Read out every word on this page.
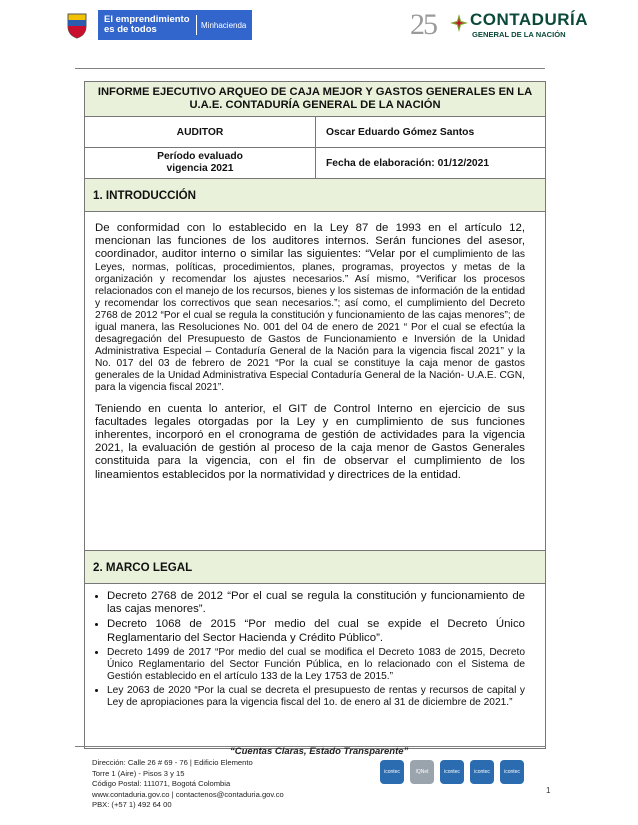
El emprendimiento
es de todos	Minhacienda	25 CONTADURÍA
GENERAL DE LA NACIÓN
INFORME EJECUTIVO ARQUEO DE CAJA MEJOR Y GASTOS GENERALES EN LA U.A.E. CONTADURÍA GENERAL DE LA NACIÓN
AUDITOR	Oscar Eduardo Gómez Santos
Período evaluado
vigencia 2021	Fecha de elaboración: 01/12/2021
1. INTRODUCCIÓN

De conformidad con lo establecido en la Ley 87 de 1993 en el artículo 12, mencionan las funciones de los auditores internos. Serán funciones del asesor, coordinador, auditor interno o similar las siguientes: “Velar por el cumplimiento de las Leyes, normas, políticas, procedimientos, planes, programas, proyectos y metas de la organización y recomendar los ajustes necesarios.” Así mismo, “Verificar los procesos relacionados con el manejo de los recursos, bienes y los sistemas de información de la entidad y recomendar los correctivos que sean necesarios.”; así como, el cumplimiento del Decreto 2768 de 2012 “Por el cual se regula la constitución y funcionamiento de las cajas menores”; de igual manera, las Resoluciones No. 001 del 04 de enero de 2021 “ Por el cual se efectúa la desagregación del Presupuesto de Gastos de Funcionamiento e Inversión de la Unidad Administrativa Especial – Contaduría General de la Nación para la vigencia fiscal 2021” y la No. 017 del 03 de febrero de 2021 “Por la cual se constituye la caja menor de gastos generales de la Unidad Administrativa Especial Contaduría General de la Nación- U.A.E. CGN, para la vigencia fiscal 2021”.

Teniendo en cuenta lo anterior, el GIT de Control Interno en ejercicio de sus facultades legales otorgadas por la Ley y en cumplimiento de sus funciones inherentes, incorporó en el cronograma de gestión de actividades para la vigencia 2021, la evaluación de gestión al proceso de la caja menor de Gastos Generales constituida para la vigencia, con el fin de observar el cumplimiento de los lineamientos establecidos por la normatividad y directrices de la entidad.

2. MARCO LEGAL
• Decreto 2768 de 2012 “Por el cual se regula la constitución y funcionamiento de las cajas menores”.
• Decreto 1068 de 2015 “Por medio del cual se expide el Decreto Único Reglamentario del Sector Hacienda y Crédito Público”.
• Decreto 1499 de 2017 “Por medio del cual se modifica el Decreto 1083 de 2015, Decreto Único Reglamentario del Sector Función Pública, en lo relacionado con el Sistema de Gestión establecido en el artículo 133 de la Ley 1753 de 2015.”
• Ley 2063 de 2020 “Por la cual se decreta el presupuesto de rentas y recursos de capital y Ley de apropiaciones para la vigencia fiscal del 1o. de enero al 31 de diciembre de 2021.”
“Cuentas Claras, Estado Transparente”
Dirección: Calle 26 # 69 - 76 | Edificio Elemento
Torre 1 (Aire) - Pisos 3 y 15
Código Postal: 111071, Bogotá Colombia
www.contaduria.gov.co | contactenos@contaduria.gov.co
PBX: (+57 1) 492 64 00
icontec	IQNet	icontec	icontec	icontec
1
